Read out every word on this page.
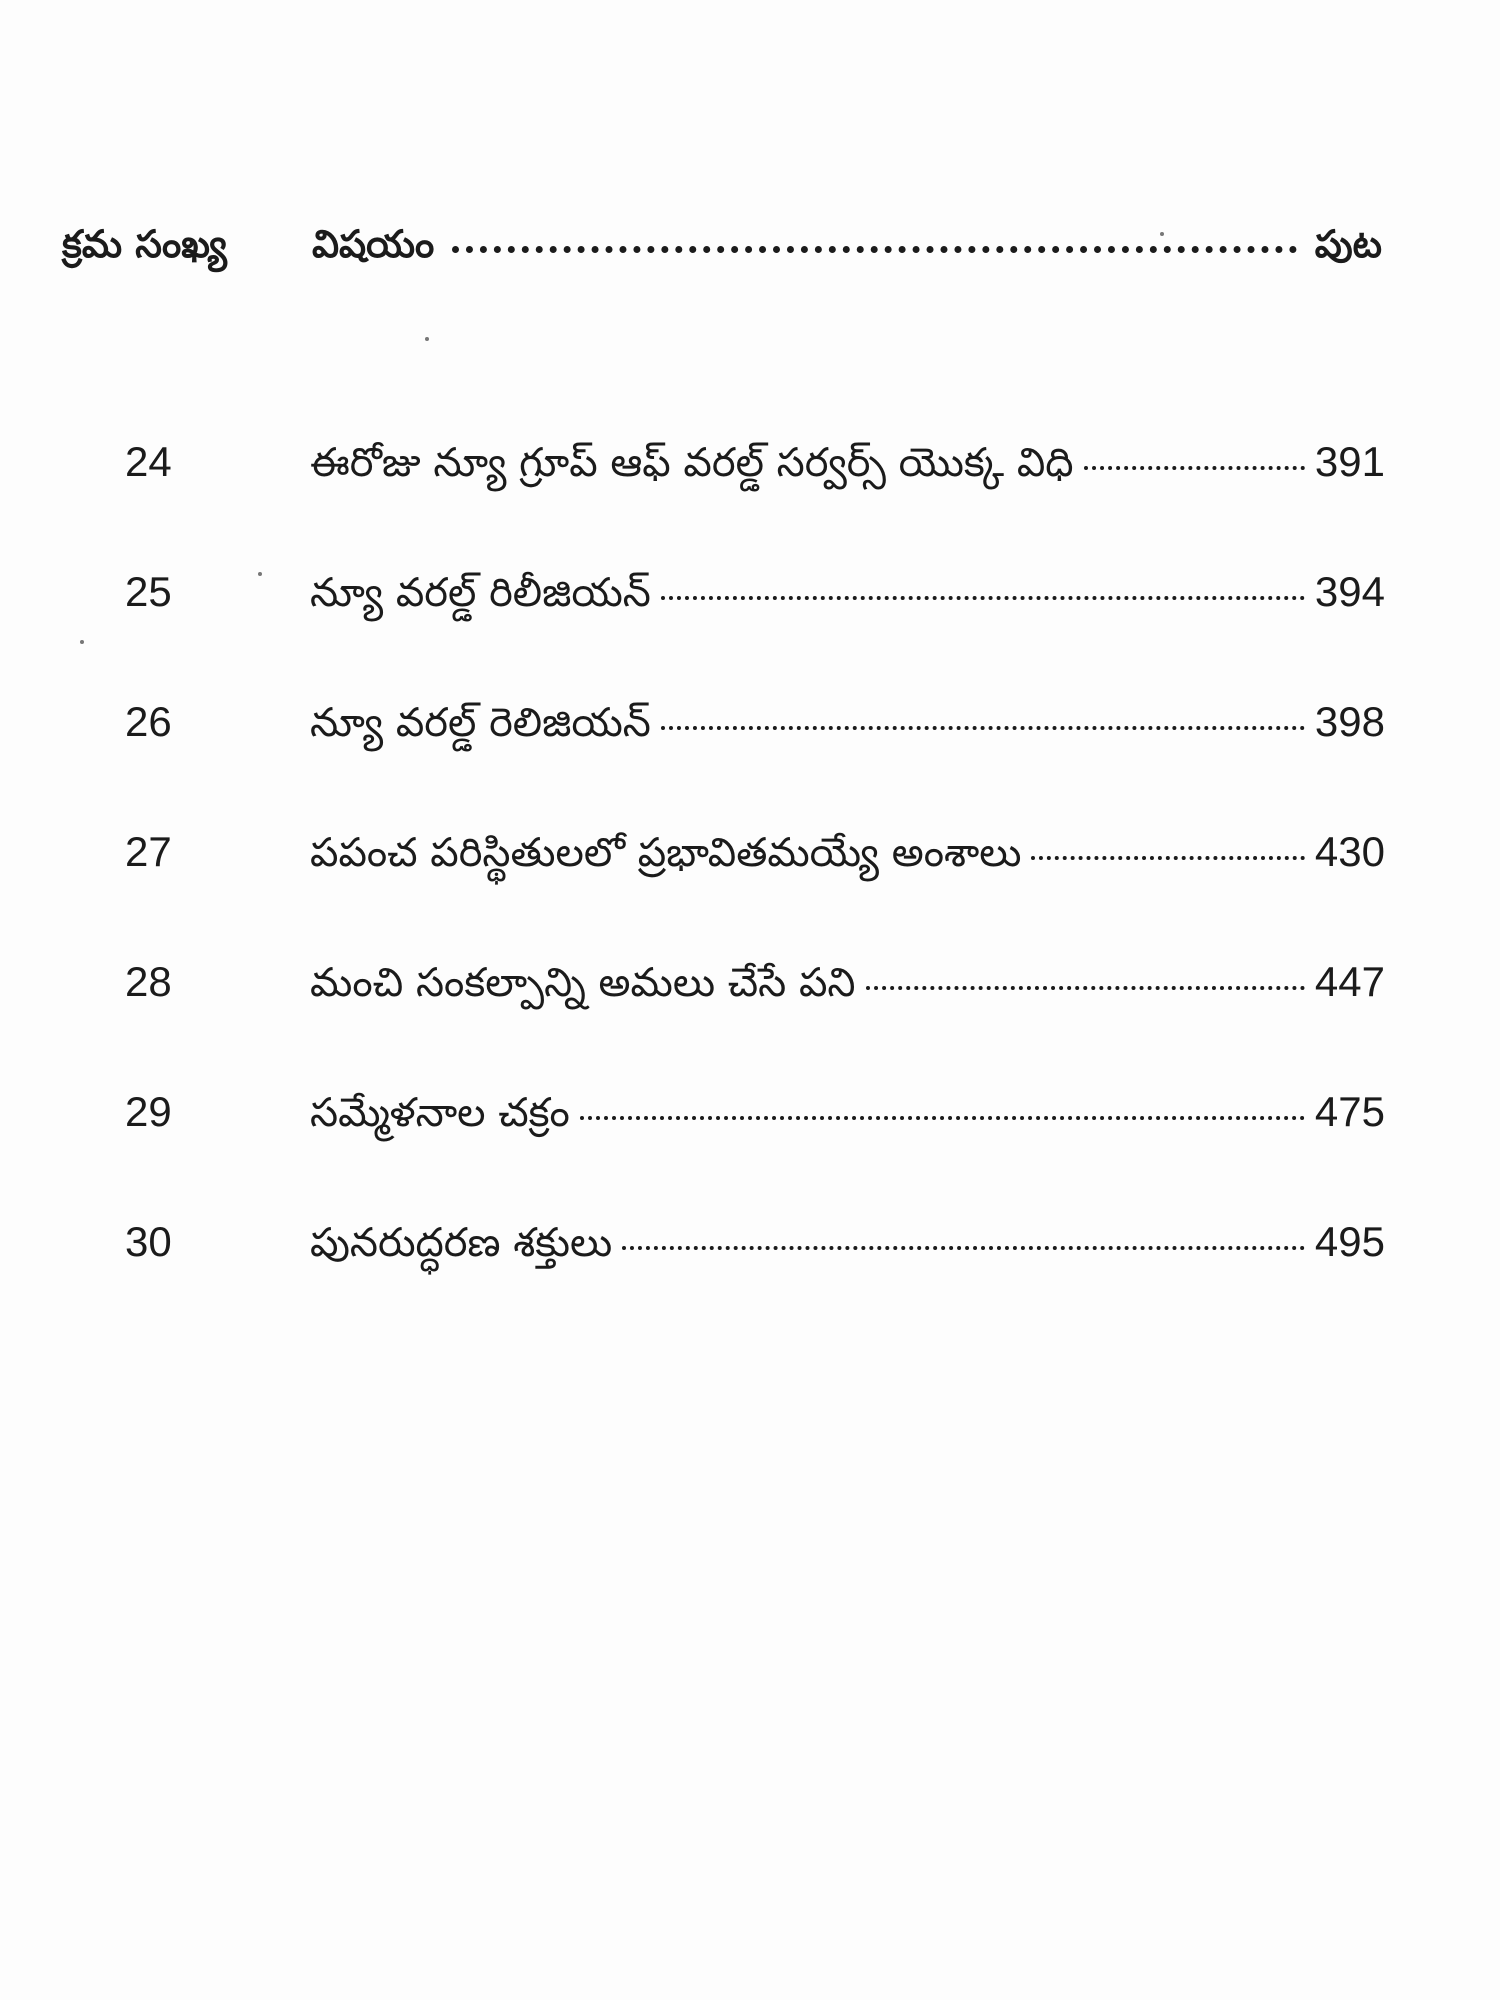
క్రమ సంఖ్య	విషయం	పుట
24	ఈరోజు న్యూ గ్రూప్ ఆఫ్ వరల్డ్ సర్వర్స్ యొక్క విధి	391
25	న్యూ వరల్డ్ రిలీజియన్	394
26	న్యూ వరల్డ్ రెలిజియన్	398
27	పపంచ పరిస్థితులలో ప్రభావితమయ్యే అంశాలు	430
28	మంచి సంకల్పాన్ని అమలు చేసే పని	447
29	సమ్మేళనాల చక్రం	475
30	పునరుద్ధరణ శక్తులు	495
